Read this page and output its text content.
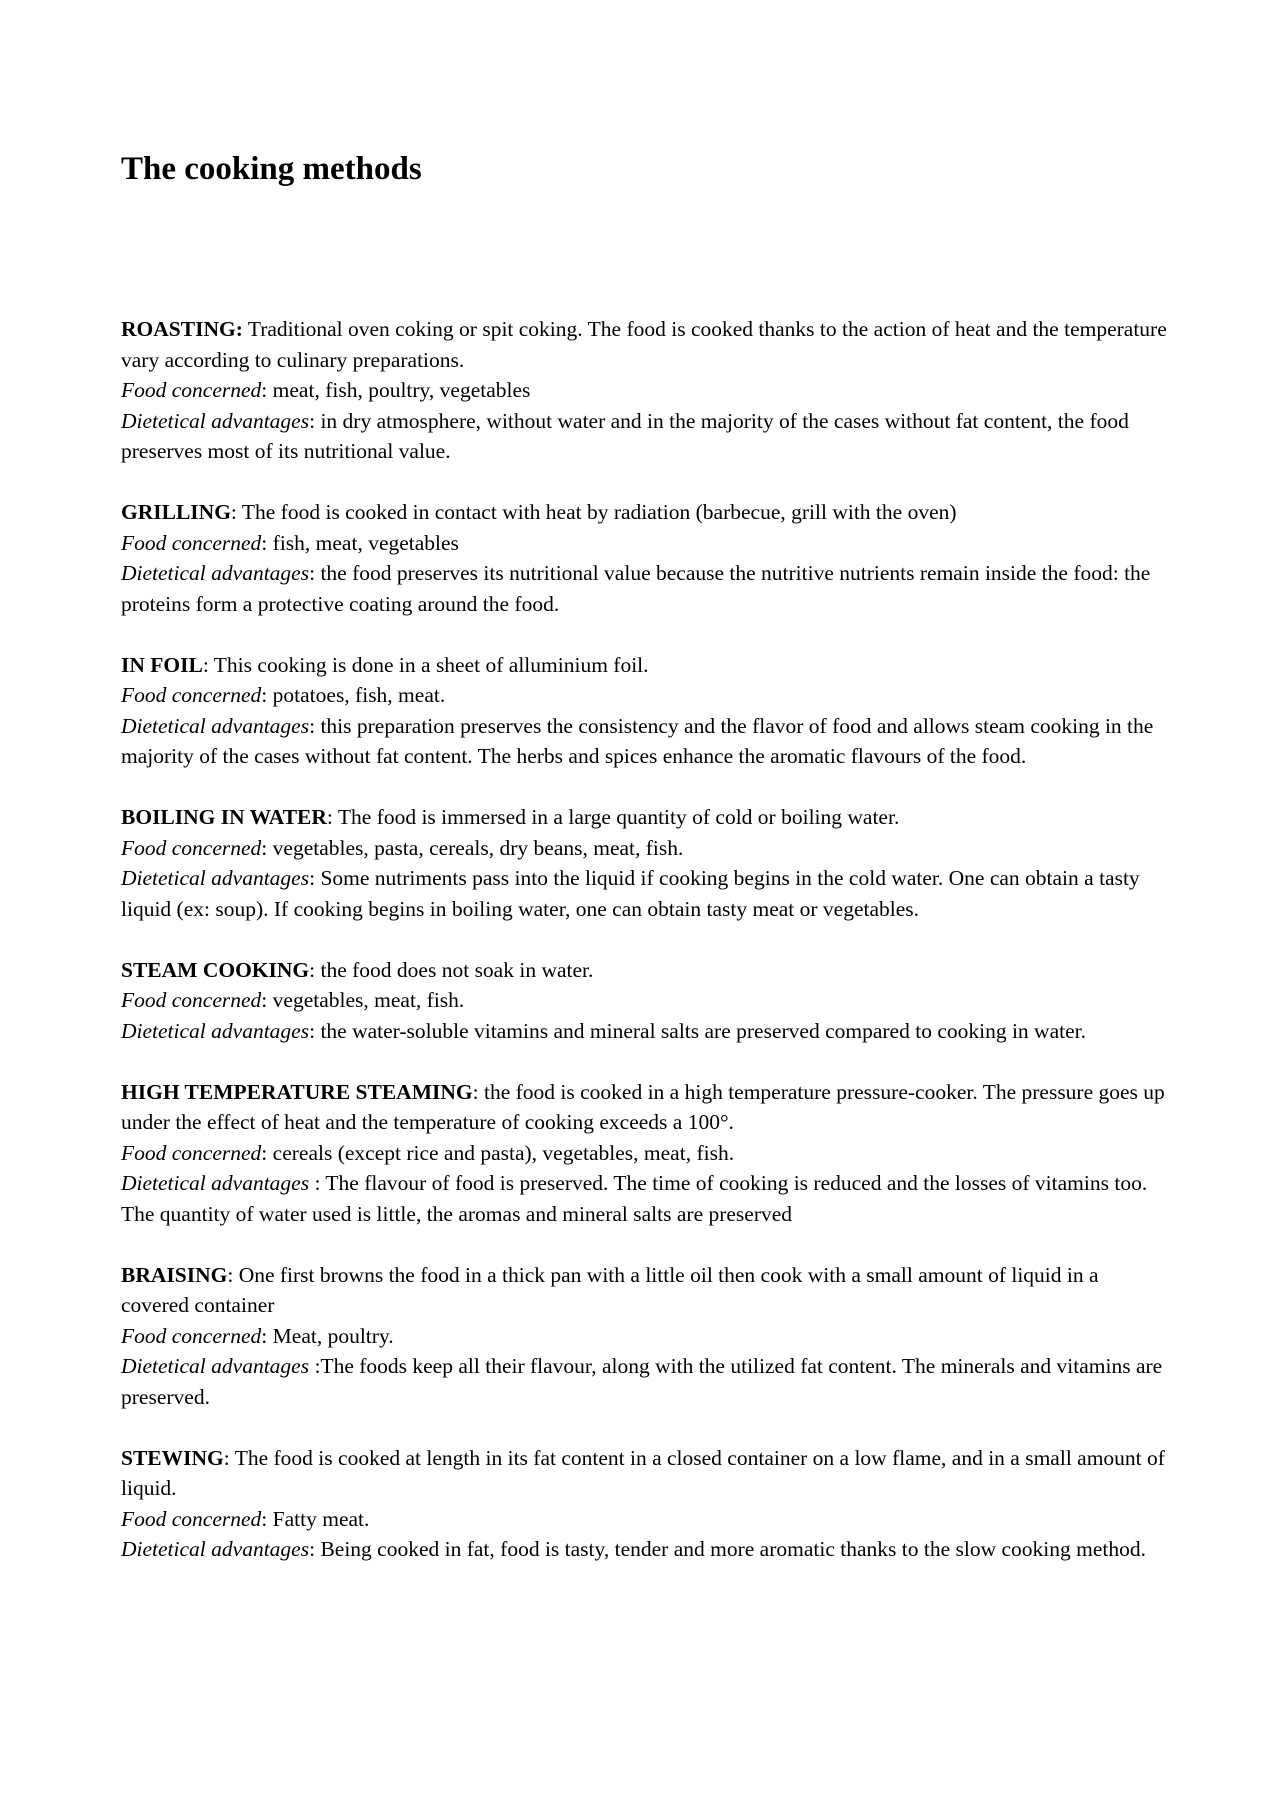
The cooking methods

ROASTING: Traditional oven coking or spit coking. The food is cooked thanks to the action of heat and the temperature vary according to culinary preparations.

Food concerned: meat, fish, poultry, vegetables

Dietetical advantages: in dry atmosphere, without water and in the majority of the cases without fat content, the food preserves most of its nutritional value.

GRILLING: The food is cooked in contact with heat by radiation (barbecue, grill with the oven)

Food concerned: fish, meat, vegetables

Dietetical advantages: the food preserves its nutritional value because the nutritive nutrients remain inside the food: the proteins form a protective coating around the food.

IN FOIL: This cooking is done in a sheet of alluminium foil.

Food concerned: potatoes, fish, meat.

Dietetical advantages: this preparation preserves the consistency and the flavor of food and allows steam cooking in the majority of the cases without fat content. The herbs and spices enhance the aromatic flavours of the food.

BOILING IN WATER: The food is immersed in a large quantity of cold or boiling water.

Food concerned: vegetables, pasta, cereals, dry beans, meat, fish.

Dietetical advantages: Some nutriments pass into the liquid if cooking begins in the cold water. One can obtain a tasty liquid (ex: soup). If cooking begins in boiling water, one can obtain tasty meat or vegetables.

STEAM COOKING: the food does not soak in water.

Food concerned: vegetables, meat, fish.

Dietetical advantages: the water-soluble vitamins and mineral salts are preserved compared to cooking in water.

HIGH TEMPERATURE STEAMING: the food is cooked in a high temperature pressure-cooker. The pressure goes up under the effect of heat and the temperature of cooking exceeds a 100°.

Food concerned: cereals (except rice and pasta), vegetables, meat, fish.

Dietetical advantages : The flavour of food is preserved. The time of cooking is reduced and the losses of vitamins too. The quantity of water used is little, the aromas and mineral salts are preserved

BRAISING: One first browns the food in a thick pan with a little oil then cook with a small amount of liquid in a covered container

Food concerned: Meat, poultry.

Dietetical advantages :The foods keep all their flavour, along with the utilized fat content. The minerals and vitamins are preserved.

STEWING: The food is cooked at length in its fat content in a closed container on a low flame, and in a small amount of liquid.

Food concerned: Fatty meat.

Dietetical advantages: Being cooked in fat, food is tasty, tender and more aromatic thanks to the slow cooking method.
